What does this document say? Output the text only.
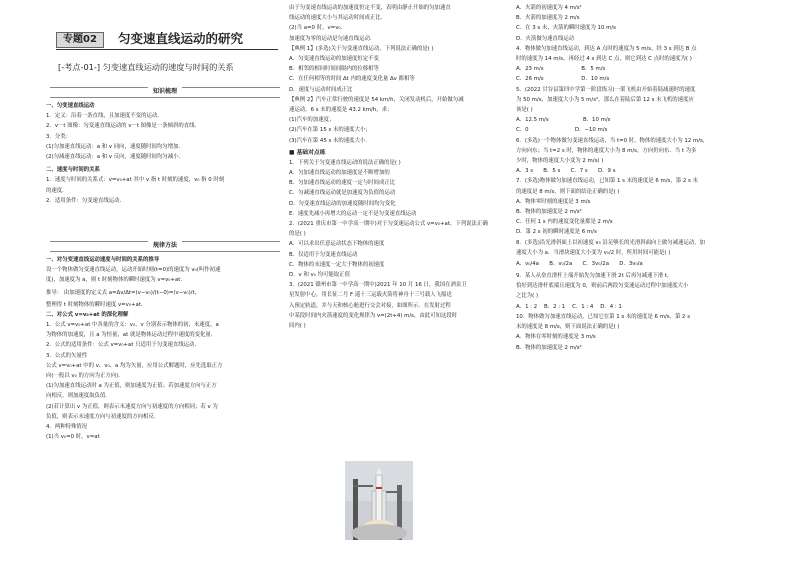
专题02	匀变速直线运动的研究
[-考点-01-] 匀变速直线运动的速度与时间的关系
知识梳理
一、匀变速直线运动
1．定义：沿着一条直线，且加速度不变的运动．
2．v－t 图像：匀变速直线运动的 v－t 图像是一条倾斜的直线．
3．分类：
(1)匀加速直线运动：a 和 v 同向，速度随时间均匀增加．
(2)匀减速直线运动：a 和 v 反向，速度随时间均匀减小．
二、速度与时间的关系
1．速度与时间的关系式：v=v₀+at 其中 v 指 t 时刻的速度，v₀ 指 0 时刻
的速度．
2．适用条件：匀变速直线运动．
规律方法
一、对匀变速直线运动速度与时间的关系的推导
设一个物体做匀变速直线运动，运动开始时刻(t=0)的速度为 v₀(叫作初速
度)，加速度为 a，则 t 时刻物体的瞬时速度为 v=v₀+at.
推导： 由加速度的定义式 a=Δv/Δt=(v−v₀)/(t−0)=(v−v₀)/t，
整理得 t 时刻物体的瞬时速度 v=v₀+at．
二、对公式 v=v₀+at 的深化理解
1．公式 v=v₀+at 中各量的含义：v₀、v 分别表示物体的初、末速度，a
为物体的加速度，且 a 为恒量，at 就是物体运动过程中速度的变化量．
2．公式的适用条件：公式 v=v₀+at 只适用于匀变速直线运动．
3．公式的矢量性
公式 v=v₀+at 中的 v、v₀、a 均为矢量，应用公式解题时，应先选取正方
向(一般以 v₀ 的方向为正方向)．
(1)匀加速直线运动时 a 为正值，则加速度为正值；若加速度方向与正方
向相反，则加速度取负值．
(2)若计算出 v 为正值，则表示末速度方向与初速度的方向相同；若 v 为
负值，则表示末速度方向与初速度的方向相反．
4．两种特殊情况
(1)当 v₀=0 时，v=at
由于匀变速直线运动的加速度恒定不变，表明由静止开始的匀加速直
线运动的速度大小与其运动时间成正比．
(2)当 a=0 时，v=v₀．
加速度为零的运动是匀速直线运动．
【典例 1】(多选)关于匀变速直线运动，下列说法正确的是( )
A．匀变速直线运动的加速度恒定不变
B．相邻的相同时间间隔内的位移相等
C．在任何相等的时间 Δt 内的速度变化量 Δv 都相等
D．速度与运动时间成正比
【典例 2】汽车正常行驶的速度是 54 km/h，关闭发动机后，开始做匀减
速运动，6 s 末的速度是 43.2 km/h，求：
(1)汽车的加速度；
(2)汽车在第 15 s 末的速度大小；
(3)汽车在第 45 s 末的速度大小．
■ 基础对点练
1．下列关于匀变速直线运动的说法正确的是( )
A．匀加速直线运动的加速度是不断增加的
B．匀加速直线运动的速度一定与时间成正比
C．匀减速直线运动就是加速度为负值的运动
D．匀变速直线运动的加速度随时间均匀变化
E．速度先减小再增大的运动一定不是匀变速直线运动
2．(2021 重庆市第一中学高一期中)对于匀变速运动公式 v=v₀+at，下列说法正确
的是( )
A．可以求出任意运动状态下物体的速度
B．仅适用于匀变速直线运动
C．物体的末速度一定大于物体的初速度
D．v 和 v₀ 均可能取正值
3．(2021 赣州市第一中学高一期中)2021 年 10 月 16 日，我国在酒泉卫
星发射中心，用长征二号 F 遥十三运载火箭将神舟十三号载人飞船送
入预定轨道，并与天和核心舱进行交会对接，如图所示．在发射过程
中某段时间内火箭速度的变化规律为 v=(2t+4) m/s，由此可知这段时
间内( )
A．火箭的初速度为 4 m/s²
B．火箭的加速度为 2 m/s
C．在 3 s 末，火箭的瞬时速度为 10 m/s
D．火箭做匀速直线运动
4．物体做匀加速直线运动，到达 A 点时的速度为 5 m/s，经 3 s 到达 B 点
时的速度为 14 m/s，再经过 4 s 到达 C 点，则它到达 C 点时的速度为( )
A．23 m/s                      B．5 m/s
C．26 m/s                      D．10 m/s
5．(2022 甘谷县第四中学第一阶段练习)一架飞机由开始着陆减速时的速度
为 50 m/s，加速度大小为 5 m/s²，那么在着陆后第 12 s 末飞机的速度应
该是( )
A．12.5 m/s                    B．10 m/s
C．0                           D．−10 m/s
6．(多选)一个物体做匀变速直线运动，当 t=0 时，物体的速度大小为 12 m/s，
方向向东；当 t=2 s 时，物体的速度大小为 8 m/s，方向仍向东．当 t 为多
少时，物体的速度大小变为 2 m/s( )
A．3 s      B．5 s      C．7 s      D．9 s
7．(多选)物体做匀加速直线运动，已知第 1 s 末的速度是 6 m/s，第 2 s 末
的速度是 8 m/s，则下面的结论正确的是( )
A．物体零时刻的速度是 3 m/s
B．物体的加速度是 2 m/s²
C．任何 1 s 内的速度变化量都是 2 m/s
D．第 2 s 初的瞬时速度是 6 m/s
8．(多选)沿光滑斜面上以初速度 v₀ 沿足够长的光滑斜面向上做匀减速运动，加
速度大小为 a．当滑块速度大小变为 v₀/2 时，所用时间可能是( )
A．v₀/4a      B．v₀/2a      C．3v₀/2a      D．3v₀/a
9．某人从垒直滑杆上端开始先匀加速下滑 2t 后再匀减速下滑 t，
恰好到达滑杆底端且速度为 0，则前后两段匀变速运动过程中加速度大小
之比为( )
A．1 : 2    B．2 : 1    C．1 : 4    D．4 : 1
10．物体做匀加速直线运动，已知它在第 1 s 末的速度是 6 m/s，第 2 s
末的速度是 8 m/s，则下面说法正确的是( )
A．物体在零时刻的速度是 3 m/s
B．物体的加速度是 2 m/s²
